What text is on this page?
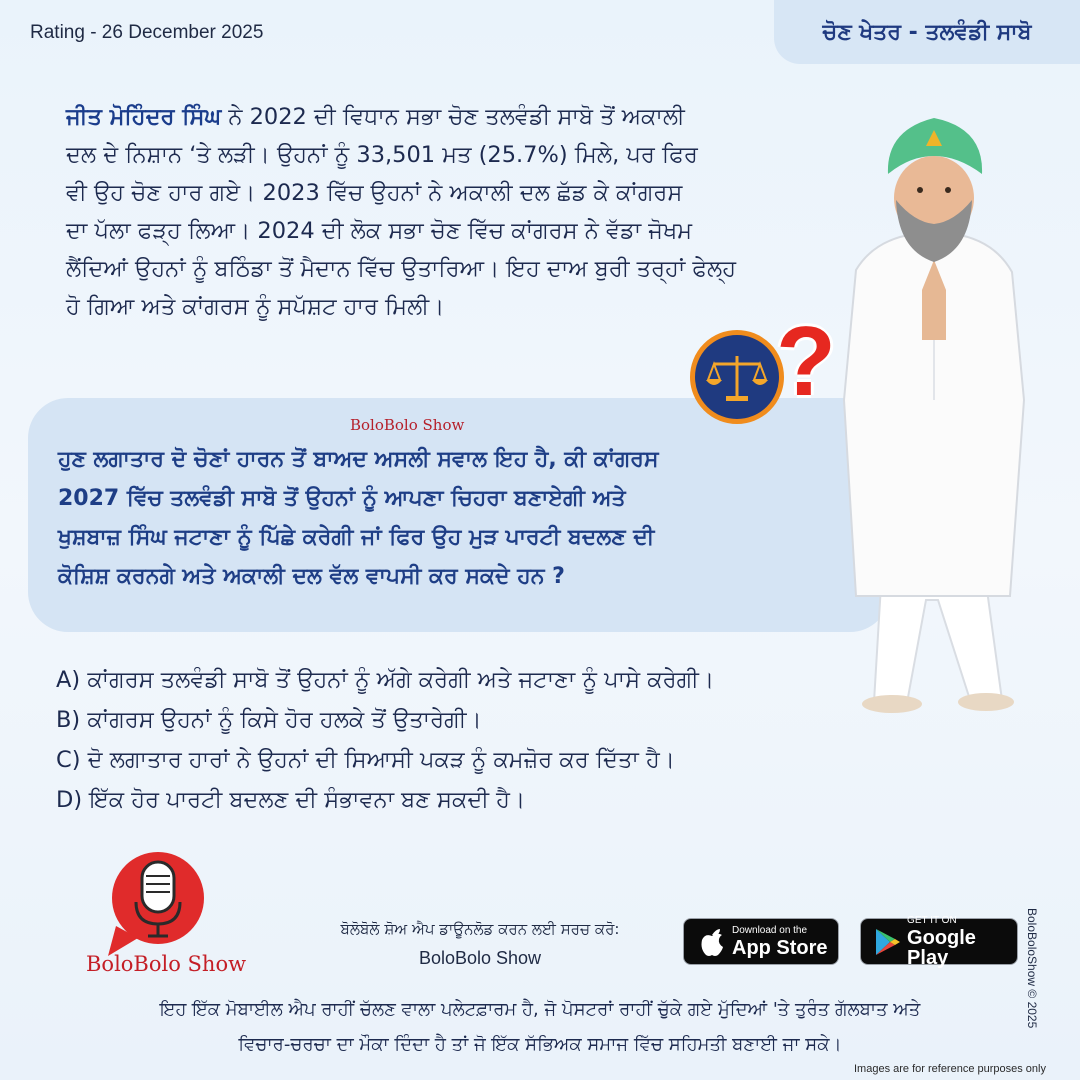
Rating - 26 December 2025	ਚੋਣ ਖੇਤਰ - ਤਲਵੰਡੀ ਸਾਬੋ
ਜੀਤ ਮੋਹਿੰਦਰ ਸਿੰਘ ਨੇ 2022 ਦੀ ਵਿਧਾਨ ਸਭਾ ਚੋਣ ਤਲਵੰਡੀ ਸਾਬੋ ਤੋਂ ਅਕਾਲੀ
ਦਲ ਦੇ ਨਿਸ਼ਾਨ ‘ਤੇ ਲੜੀ। ਉਹਨਾਂ ਨੂੰ 33,501 ਮਤ (25.7%) ਮਿਲੇ, ਪਰ ਫਿਰ
ਵੀ ਉਹ ਚੋਣ ਹਾਰ ਗਏ। 2023 ਵਿੱਚ ਉਹਨਾਂ ਨੇ ਅਕਾਲੀ ਦਲ ਛੱਡ ਕੇ ਕਾਂਗਰਸ
ਦਾ ਪੱਲਾ ਫੜ੍ਹ ਲਿਆ। 2024 ਦੀ ਲੋਕ ਸਭਾ ਚੋਣ ਵਿੱਚ ਕਾਂਗਰਸ ਨੇ ਵੱਡਾ ਜੋਖਮ
ਲੈਂਦਿਆਂ ਉਹਨਾਂ ਨੂੰ ਬਠਿੰਡਾ ਤੋਂ ਮੈਦਾਨ ਵਿੱਚ ਉਤਾਰਿਆ। ਇਹ ਦਾਅ ਬੁਰੀ ਤਰ੍ਹਾਂ ਫੇਲ੍ਹ
ਹੋ ਗਿਆ ਅਤੇ ਕਾਂਗਰਸ ਨੂੰ ਸਪੱਸ਼ਟ ਹਾਰ ਮਿਲੀ।
BoloBolo Show
ਹੁਣ ਲਗਾਤਾਰ ਦੋ ਚੋਣਾਂ ਹਾਰਨ ਤੋਂ ਬਾਅਦ ਅਸਲੀ ਸਵਾਲ ਇਹ ਹੈ, ਕੀ ਕਾਂਗਰਸ
2027 ਵਿੱਚ ਤਲਵੰਡੀ ਸਾਬੋ ਤੋਂ ਉਹਨਾਂ ਨੂੰ ਆਪਣਾ ਚਿਹਰਾ ਬਣਾਏਗੀ ਅਤੇ
ਖੁਸ਼ਬਾਜ਼ ਸਿੰਘ ਜਟਾਣਾ ਨੂੰ ਪਿੱਛੇ ਕਰੇਗੀ ਜਾਂ ਫਿਰ ਉਹ ਮੁੜ ਪਾਰਟੀ ਬਦਲਣ ਦੀ
ਕੋਸ਼ਿਸ਼ ਕਰਨਗੇ ਅਤੇ ਅਕਾਲੀ ਦਲ ਵੱਲ ਵਾਪਸੀ ਕਰ ਸਕਦੇ ਹਨ ?
?
A) ਕਾਂਗਰਸ ਤਲਵੰਡੀ ਸਾਬੋ ਤੋਂ ਉਹਨਾਂ ਨੂੰ ਅੱਗੇ ਕਰੇਗੀ ਅਤੇ ਜਟਾਣਾ ਨੂੰ ਪਾਸੇ ਕਰੇਗੀ।
B) ਕਾਂਗਰਸ ਉਹਨਾਂ ਨੂੰ ਕਿਸੇ ਹੋਰ ਹਲਕੇ ਤੋਂ ਉਤਾਰੇਗੀ।
C) ਦੋ ਲਗਾਤਾਰ ਹਾਰਾਂ ਨੇ ਉਹਨਾਂ ਦੀ ਸਿਆਸੀ ਪਕੜ ਨੂੰ ਕਮਜ਼ੋਰ ਕਰ ਦਿੱਤਾ ਹੈ।
D) ਇੱਕ ਹੋਰ ਪਾਰਟੀ ਬਦਲਣ ਦੀ ਸੰਭਾਵਨਾ ਬਣ ਸਕਦੀ ਹੈ।
BoloBolo Show
ਬੋਲੋਬੋਲੋ ਸ਼ੋਅ ਐਪ ਡਾਊਨਲੋਡ ਕਰਨ ਲਈ ਸਰਚ ਕਰੋ:
BoloBolo Show
Download on the
App Store
GET IT ON
Google Play
ਇਹ ਇੱਕ ਮੋਬਾਈਲ ਐਪ ਰਾਹੀਂ ਚੱਲਣ ਵਾਲਾ ਪਲੇਟਫ਼ਾਰਮ ਹੈ, ਜੋ ਪੋਸਟਰਾਂ ਰਾਹੀਂ ਚੁੱਕੇ ਗਏ ਮੁੱਦਿਆਂ 'ਤੇ ਤੁਰੰਤ ਗੱਲਬਾਤ ਅਤੇ
ਵਿਚਾਰ-ਚਰਚਾ ਦਾ ਮੌਕਾ ਦਿੰਦਾ ਹੈ ਤਾਂ ਜੋ ਇੱਕ ਸੱਭਿਅਕ ਸਮਾਜ ਵਿੱਚ ਸਹਿਮਤੀ ਬਣਾਈ ਜਾ ਸਕੇ।
BoloBoloShow © 2025
Images are for reference purposes only
